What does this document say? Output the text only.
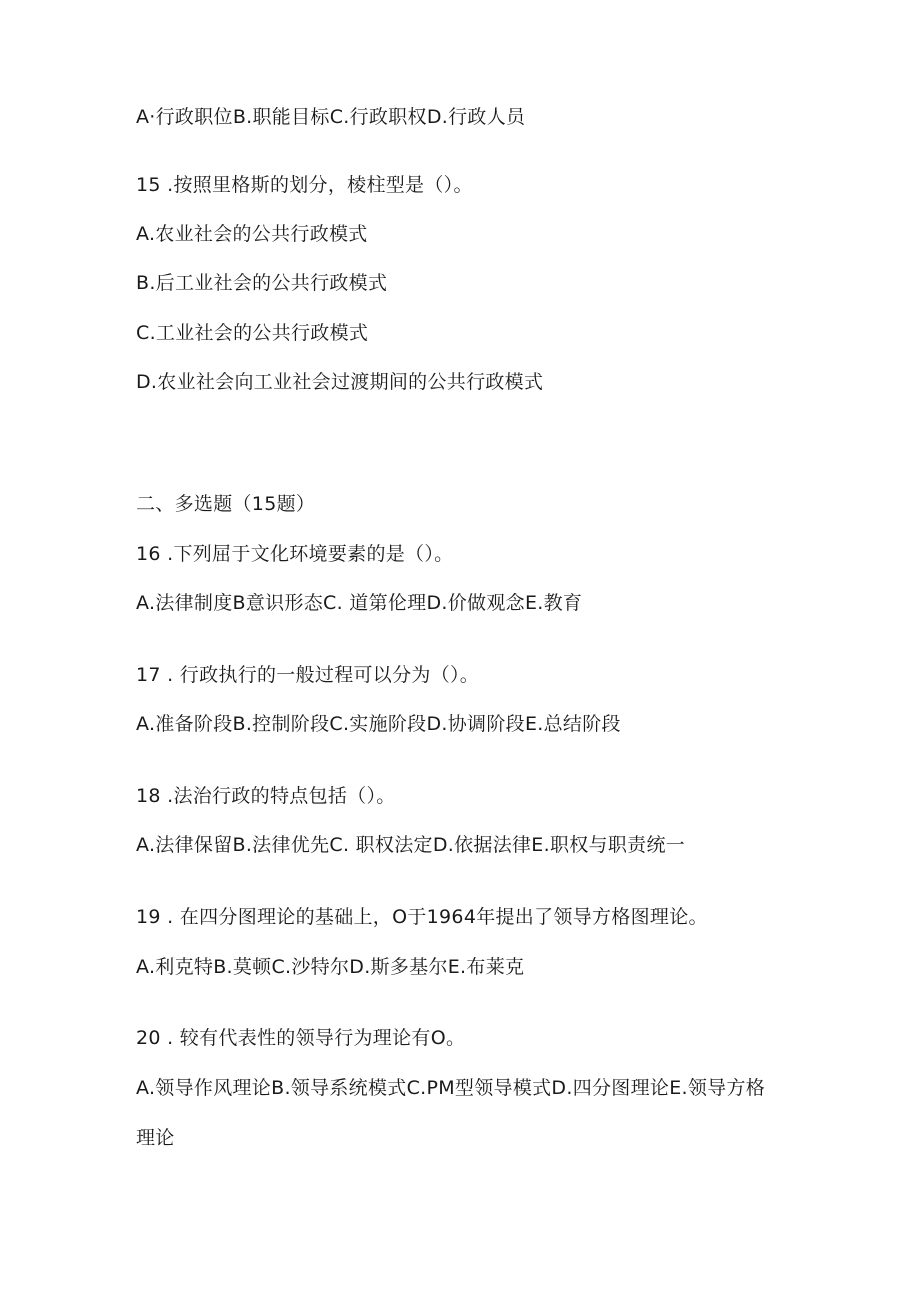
A·行政职位B.职能目标C.行政职权D.行政人员
15 .按照里格斯的划分，棱柱型是（）。
A.农业社会的公共行政模式
B.后工业社会的公共行政模式
C.工业社会的公共行政模式
D.农业社会向工业社会过渡期间的公共行政模式
二、多选题（15题）
16 .下列屈于文化环境要素的是（）。
A.法律制度B意识形态C. 道第伦理D.价做观念E.教育
17 . 行政执行的一般过程可以分为（）。
A.准备阶段B.控制阶段C.实施阶段D.协调阶段E.总结阶段
18 .法治行政的特点包括（）。
A.法律保留B.法律优先C. 职权法定D.依据法律E.职权与职责统一
19 . 在四分图理论的基础上，O于1964年提出了领导方格图理论。
A.利克特B.莫顿C.沙特尔D.斯多基尔E.布莱克
20 . 较有代表性的领导行为理论有O。
A.领导作风理论B.领导系统模式C.PM型领导模式D.四分图理论E.领导方格
理论
